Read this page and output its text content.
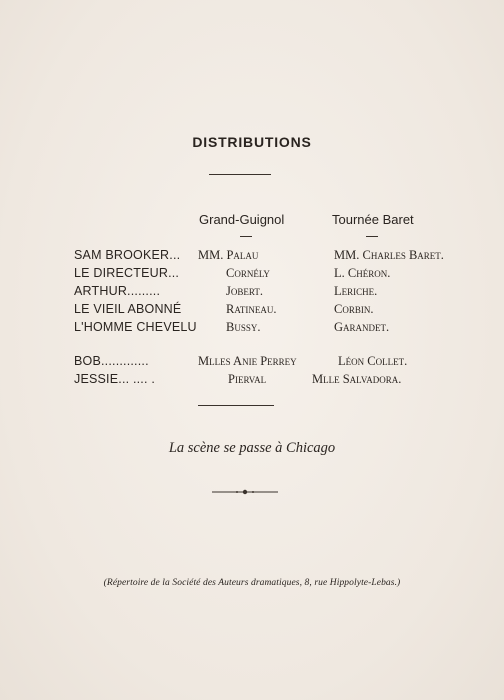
DISTRIBUTIONS
Grand-Guignol	Tournée Baret
SAM BROOKER... MM. Palau	MM. Charles Baret.
LE DIRECTEUR...	Cornély	L. Chéron.
ARTHUR.........	Jobert.	Leriche.
LE VIEIL ABONNÉ	Ratineau.	Corbin.
L'HOMME CHEVELU Bussy.	Garandet.
BOB.............	Mlles Anie Perrey	Léon Collet.
JESSIE... .... .	Pierval	Mlle Salvadora.
La scène se passe à Chicago
(Répertoire de la Société des Auteurs dramatiques, 8, rue Hippolyte-Lebas.)
